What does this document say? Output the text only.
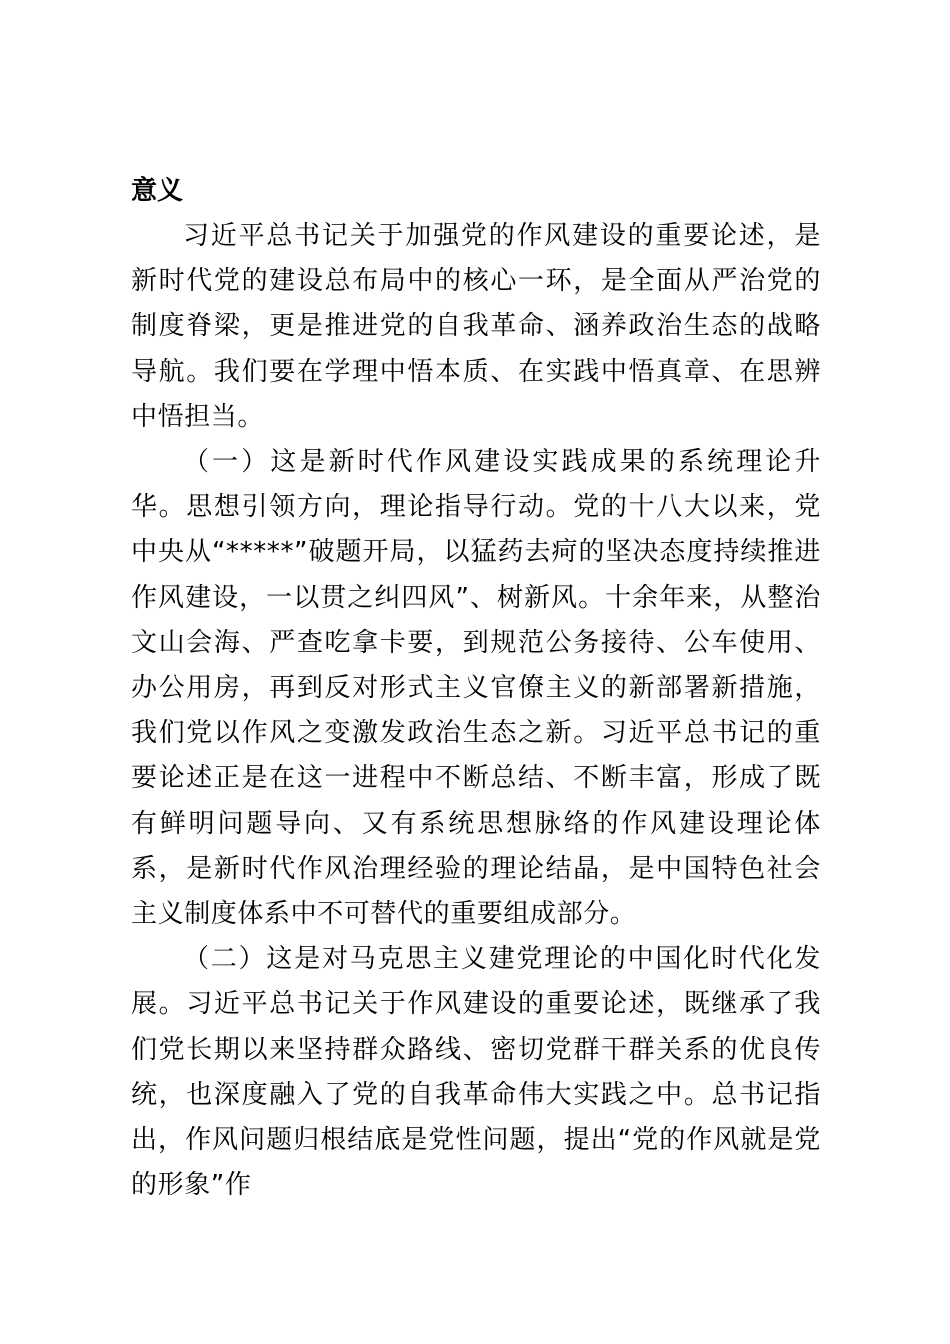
意义

习近平总书记关于加强党的作风建设的重要论述，是新时代党的建设总布局中的核心一环，是全面从严治党的制度脊梁，更是推进党的自我革命、涵养政治生态的战略导航。我们要在学理中悟本质、在实践中悟真章、在思辨中悟担当。

（一）这是新时代作风建设实践成果的系统理论升华。思想引领方向，理论指导行动。党的十八大以来，党中央从“*****”破题开局，以猛药去疴的坚决态度持续推进作风建设，一以贯之纠四风”、树新风。十余年来，从整治文山会海、严查吃拿卡要，到规范公务接待、公车使用、办公用房，再到反对形式主义官僚主义的新部署新措施，我们党以作风之变激发政治生态之新。习近平总书记的重要论述正是在这一进程中不断总结、不断丰富，形成了既有鲜明问题导向、又有系统思想脉络的作风建设理论体系，是新时代作风治理经验的理论结晶，是中国特色社会主义制度体系中不可替代的重要组成部分。

（二）这是对马克思主义建党理论的中国化时代化发展。习近平总书记关于作风建设的重要论述，既继承了我们党长期以来坚持群众路线、密切党群干群关系的优良传统，也深度融入了党的自我革命伟大实践之中。总书记指出，作风问题归根结底是党性问题，提出“党的作风就是党的形象”作
